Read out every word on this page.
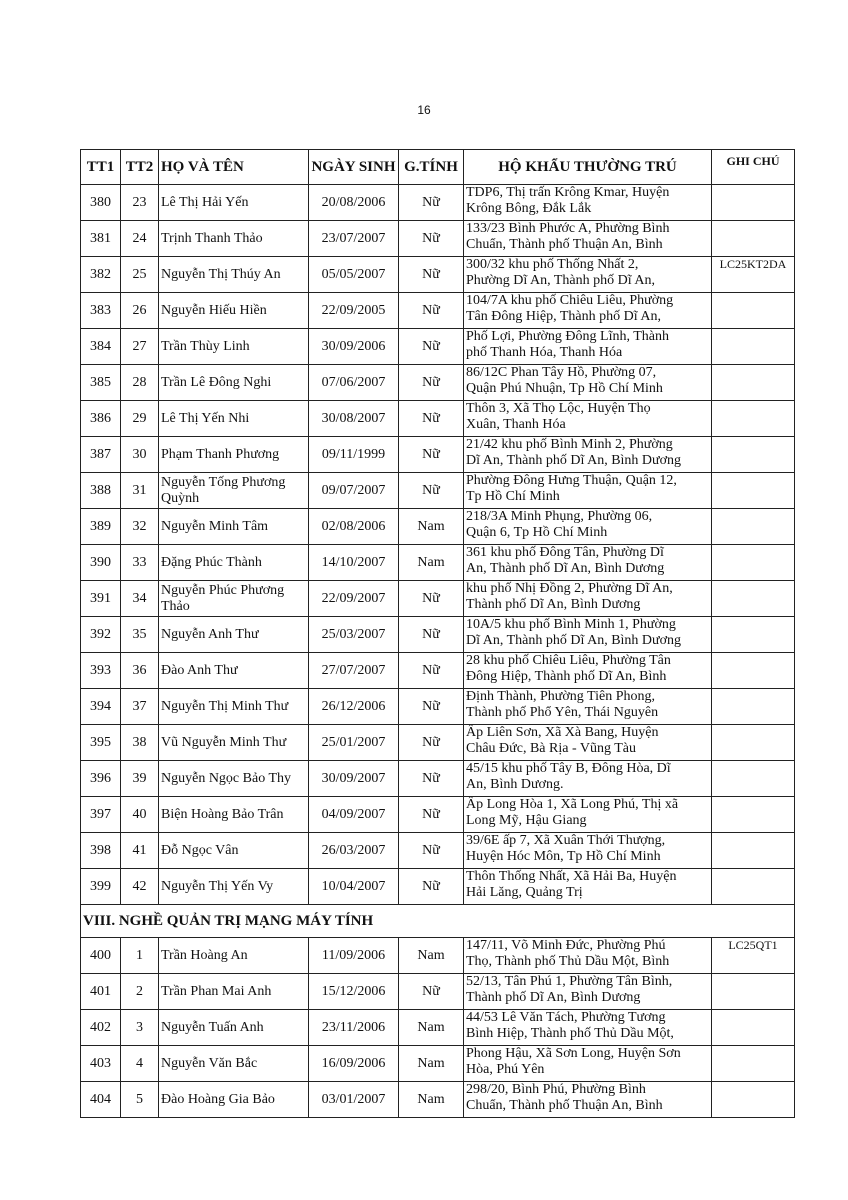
16
TT1	TT2	HỌ VÀ TÊN	NGÀY SINH	G.TÍNH	HỘ KHẨU THƯỜNG TRÚ	GHI CHÚ
380	23	Lê Thị Hải Yến	20/08/2006	Nữ	TDP6, Thị trấn Krông Kmar, Huyện
Krông Bông, Đắk Lắk	

381	24	Trịnh Thanh Thảo	23/07/2007	Nữ	133/23 Bình Phước A, Phường Bình
Chuẩn, Thành phố Thuận An, Bình	

382	25	Nguyễn Thị Thúy An	05/05/2007	Nữ	300/32 khu phố Thống Nhất 2,
Phường Dĩ An, Thành phố Dĩ An,	LC25KT2DA
383	26	Nguyễn Hiếu Hiền	22/09/2005	Nữ	104/7A khu phố Chiêu Liêu, Phường
Tân Đông Hiệp, Thành phố Dĩ An,	

384	27	Trần Thùy Linh	30/09/2006	Nữ	Phố Lợi, Phường Đông Lĩnh, Thành
phố Thanh Hóa, Thanh Hóa	

385	28	Trần Lê Đông Nghi	07/06/2007	Nữ	86/12C Phan Tây Hồ, Phường 07,
Quận Phú Nhuận, Tp Hồ Chí Minh	

386	29	Lê Thị Yến Nhi	30/08/2007	Nữ	Thôn 3, Xã Thọ Lộc, Huyện Thọ
Xuân, Thanh Hóa	

387	30	Phạm Thanh Phương	09/11/1999	Nữ	21/42 khu phố Bình Minh 2, Phường
Dĩ An, Thành phố Dĩ An, Bình Dương	

388	31	Nguyễn Tống Phương Quỳnh	09/07/2007	Nữ	Phường Đông Hưng Thuận, Quận 12,
Tp Hồ Chí Minh	

389	32	Nguyễn Minh Tâm	02/08/2006	Nam	218/3A Minh Phụng, Phường 06,
Quận 6, Tp Hồ Chí Minh	

390	33	Đặng Phúc Thành	14/10/2007	Nam	361 khu phố Đông Tân, Phường Dĩ
An, Thành phố Dĩ An, Bình Dương	

391	34	Nguyễn Phúc Phương Thảo	22/09/2007	Nữ	khu phố Nhị Đồng 2, Phường Dĩ An,
Thành phố Dĩ An, Bình Dương	

392	35	Nguyễn Anh Thư	25/03/2007	Nữ	10A/5 khu phố Bình Minh 1, Phường
Dĩ An, Thành phố Dĩ An, Bình Dương	

393	36	Đào Anh Thư	27/07/2007	Nữ	28 khu phố Chiêu Liêu, Phường Tân
Đông Hiệp, Thành phố Dĩ An, Bình	

394	37	Nguyễn Thị Minh Thư	26/12/2006	Nữ	Định Thành, Phường Tiên Phong,
Thành phố Phổ Yên, Thái Nguyên	

395	38	Vũ Nguyễn Minh Thư	25/01/2007	Nữ	Ấp Liên Sơn, Xã Xà Bang, Huyện
Châu Đức, Bà Rịa - Vũng Tàu	

396	39	Nguyễn Ngọc Bảo Thy	30/09/2007	Nữ	45/15 khu phố Tây B, Đông Hòa, Dĩ
An, Bình Dương.	

397	40	Biện Hoàng Bảo Trân	04/09/2007	Nữ	Ấp Long Hòa 1, Xã Long Phú, Thị xã
Long Mỹ, Hậu Giang	

398	41	Đỗ Ngọc Vân	26/03/2007	Nữ	39/6E ấp 7, Xã Xuân Thới Thượng,
Huyện Hóc Môn, Tp Hồ Chí Minh	

399	42	Nguyễn Thị Yến Vy	10/04/2007	Nữ	Thôn Thống Nhất, Xã Hải Ba, Huyện
Hải Lăng, Quảng Trị	

VIII. NGHỀ QUẢN TRỊ MẠNG MÁY TÍNH						
400	1	Trần Hoàng An	11/09/2006	Nam	147/11, Võ Minh Đức, Phường Phú
Thọ, Thành phố Thủ Dầu Một, Bình	LC25QT1
401	2	Trần Phan Mai Anh	15/12/2006	Nữ	52/13, Tân Phú 1, Phường Tân Bình,
Thành phố Dĩ An, Bình Dương	

402	3	Nguyễn Tuấn Anh	23/11/2006	Nam	44/53 Lê Văn Tách, Phường Tương
Bình Hiệp, Thành phố Thủ Dầu Một,	

403	4	Nguyễn Văn Bắc	16/09/2006	Nam	Phong Hậu, Xã Sơn Long, Huyện Sơn
Hòa, Phú Yên	

404	5	Đào Hoàng Gia Bảo	03/01/2007	Nam	298/20, Bình Phú, Phường Bình
Chuẩn, Thành phố Thuận An, Bình	
